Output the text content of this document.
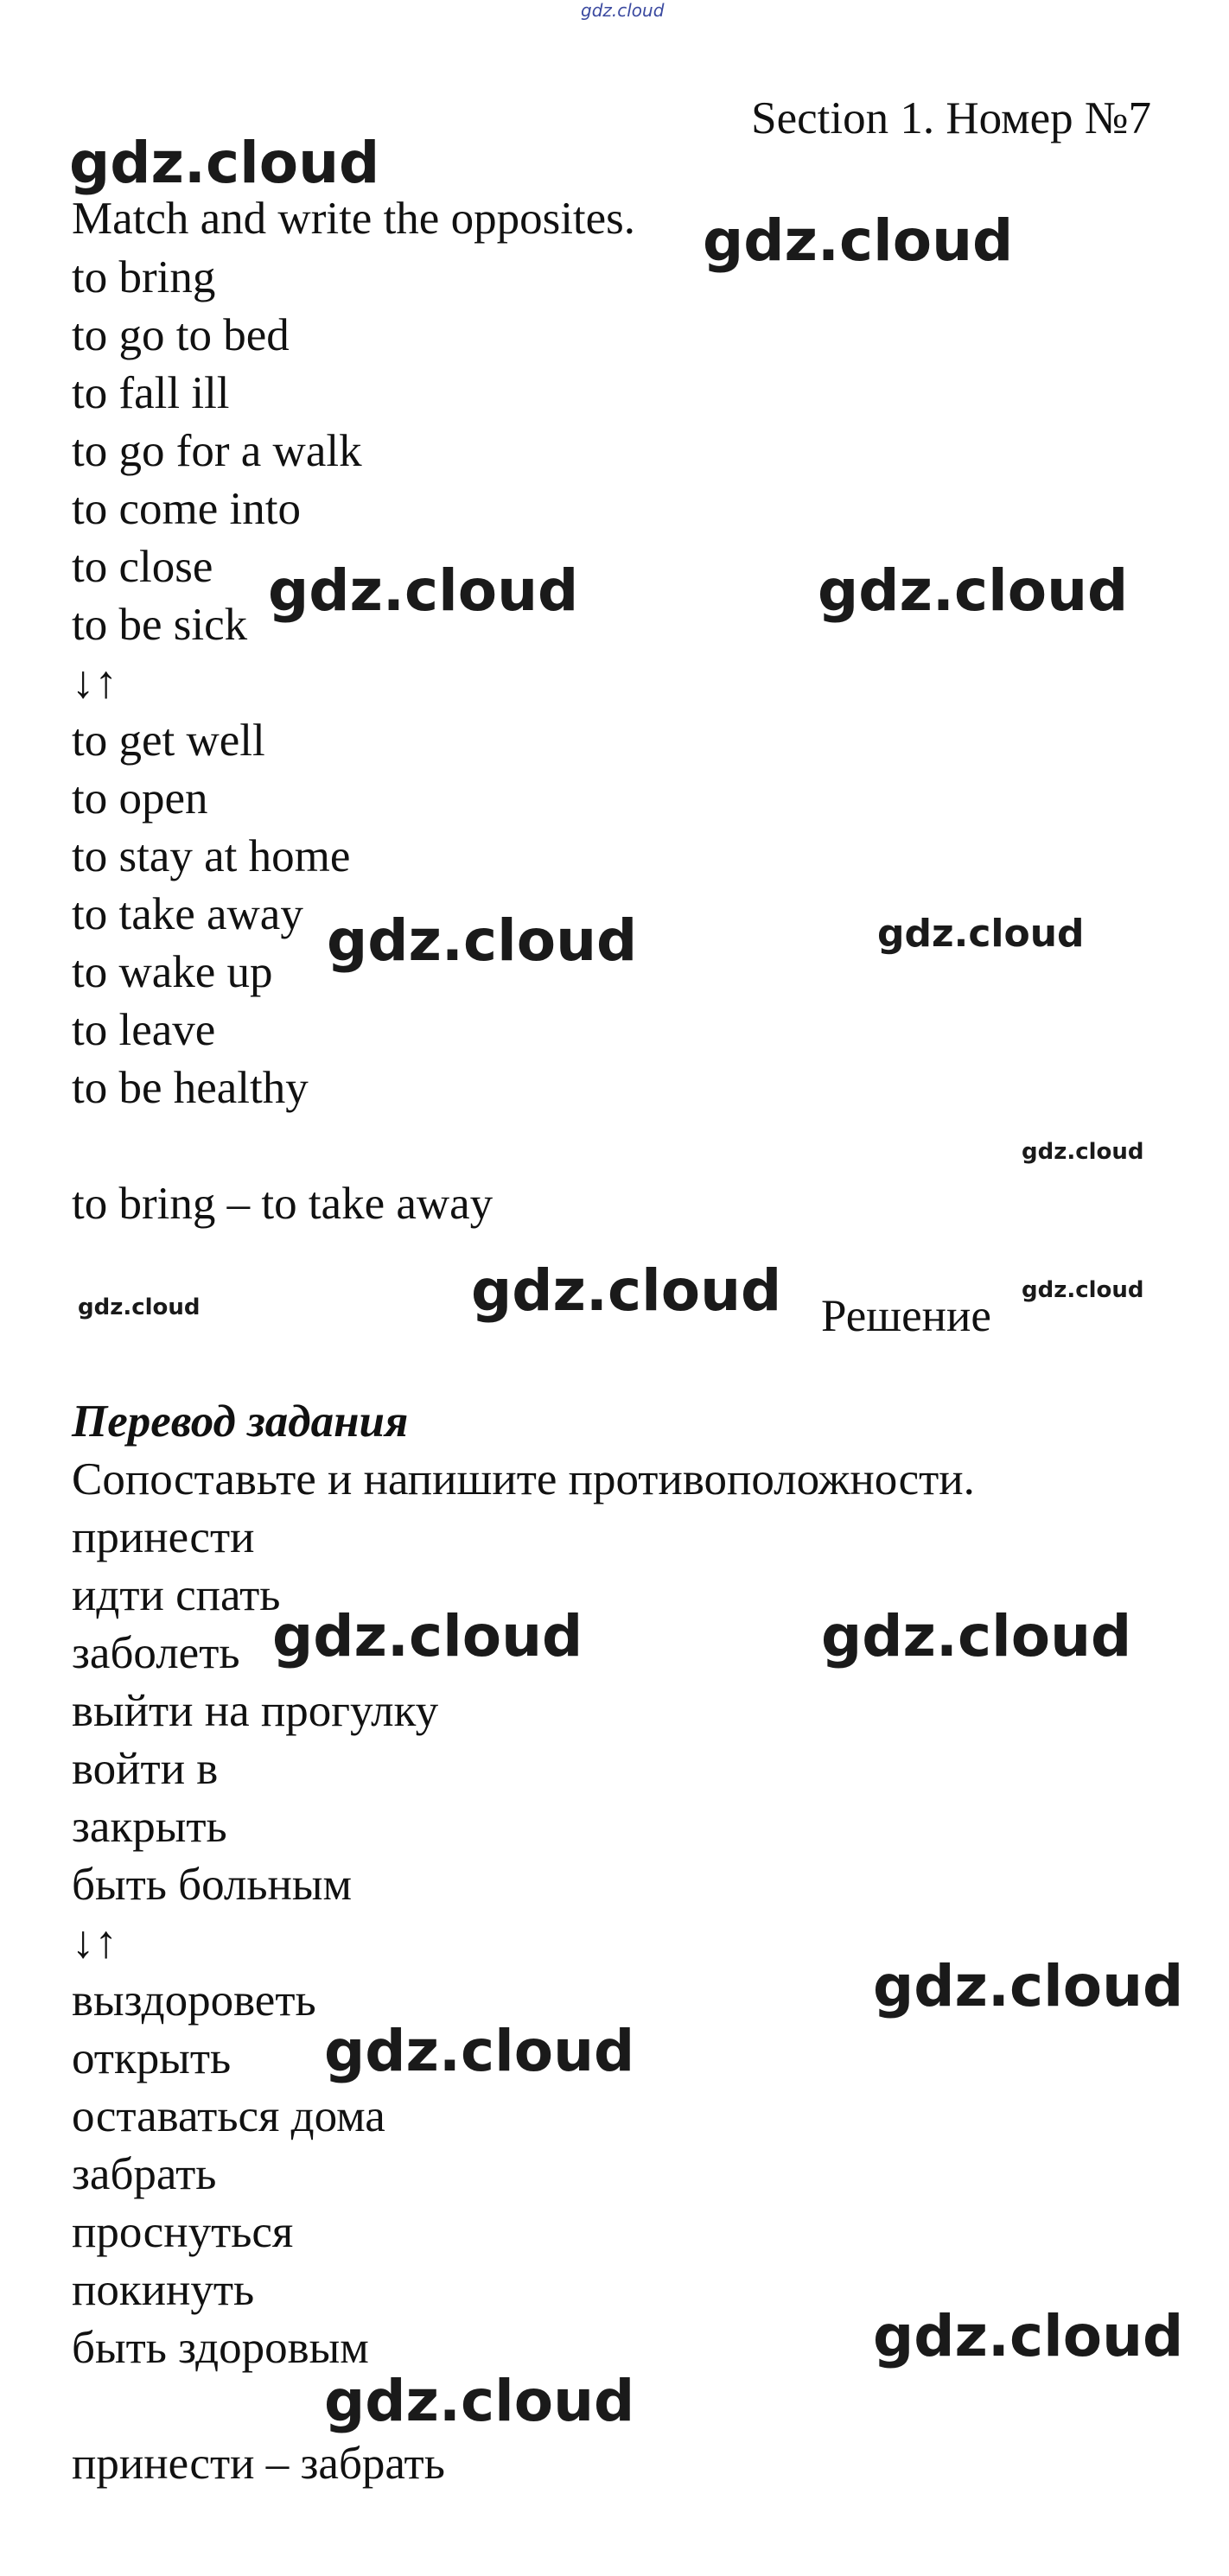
gdz.cloud
Section 1. Номер №7

Match and write the opposites.

to bring

to go to bed

to fall ill

to go for a walk

to come into

to close

to be sick

↓↑

to get well

to open

to stay at home

to take away

to wake up

to leave

to be healthy

to bring – to take away

Решение

Перевод задания

Сопоставьте и напишите противоположности.

принести

идти спать

заболеть

выйти на прогулку

войти в

закрыть

быть больным

↓↑

выздороветь

открыть

оставаться дома

забрать

проснуться

покинуть

быть здоровым

принести – забрать

gdz.cloud
gdz.cloud
gdz.cloud	gdz.cloud
gdz.cloud	gdz.cloud
gdz.cloud
gdz.cloud	gdz.cloud	gdz.cloud
gdz.cloud	gdz.cloud
gdz.cloud
gdz.cloud
gdz.cloud
gdz.cloud
